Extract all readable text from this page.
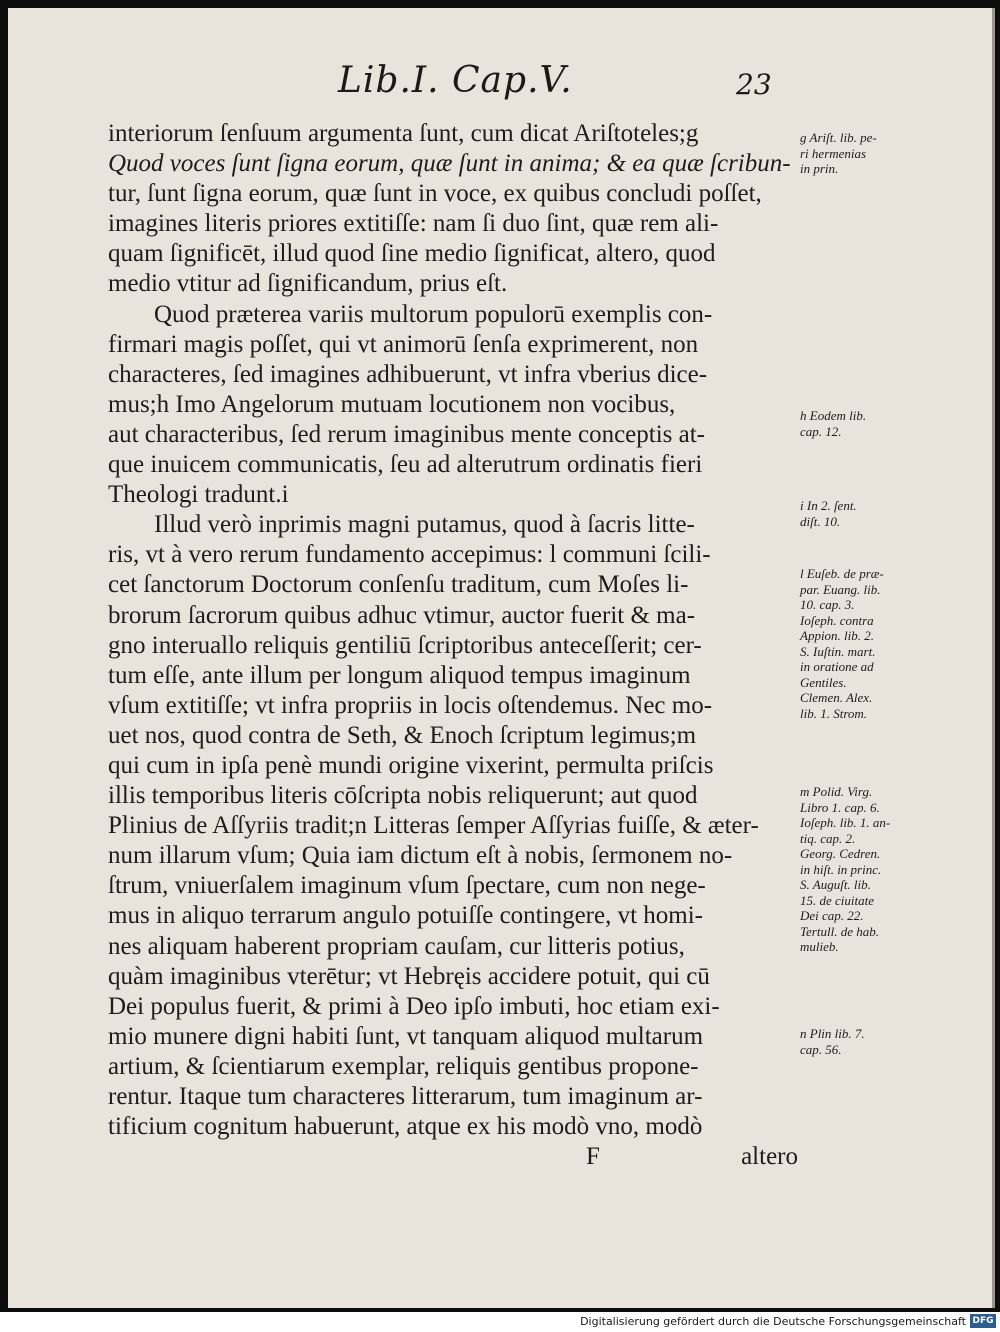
Lib.I. Cap.V.	23
interiorum ſenſuum argumenta ſunt, cum dicat Ariſtoteles;g
Quod voces ſunt ſigna eorum, quæ ſunt in anima; & ea quæ ſcribun-
tur, ſunt ſigna eorum, quæ ſunt in voce, ex quibus concludi poſſet,
imagines literis priores extitiſſe: nam ſi duo ſint, quæ rem ali-
quam ſignificēt, illud quod ſine medio ſignificat, altero, quod
medio vtitur ad ſignificandum, prius eſt.
Quod præterea variis multorum populorū exemplis con-
firmari magis poſſet, qui vt animorū ſenſa exprimerent, non
characteres, ſed imagines adhibuerunt, vt infra vberius dice-
mus;h Imo Angelorum mutuam locutionem non vocibus,
aut characteribus, ſed rerum imaginibus mente conceptis at-
que inuicem communicatis, ſeu ad alterutrum ordinatis fieri
Theologi tradunt.i
Illud verò inprimis magni putamus, quod à ſacris litte-
ris, vt à vero rerum fundamento accepimus: l communi ſcili-
cet ſanctorum Doctorum conſenſu traditum, cum Moſes li-
brorum ſacrorum quibus adhuc vtimur, auctor fuerit & ma-
gno interuallo reliquis gentiliū ſcriptoribus anteceſſerit; cer-
tum eſſe, ante illum per longum aliquod tempus imaginum
vſum extitiſſe; vt infra propriis in locis oſtendemus. Nec mo-
uet nos, quod contra de Seth, & Enoch ſcriptum legimus;m
qui cum in ipſa penè mundi origine vixerint, permulta priſcis
illis temporibus literis cōſcripta nobis reliquerunt; aut quod
Plinius de Aſſyriis tradit;n Litteras ſemper Aſſyrias fuiſſe, & æter-
num illarum vſum; Quia iam dictum eſt à nobis, ſermonem no-
ſtrum, vniuerſalem imaginum vſum ſpectare, cum non nege-
mus in aliquo terrarum angulo potuiſſe contingere, vt homi-
nes aliquam haberent propriam cauſam, cur litteris potius,
quàm imaginibus vterētur; vt Hebręis accidere potuit, qui cū
Dei populus fuerit, & primi à Deo ipſo imbuti, hoc etiam exi-
mio munere digni habiti ſunt, vt tanquam aliquod multarum
artium, & ſcientiarum exemplar, reliquis gentibus propone-
rentur. Itaque tum characteres litterarum, tum imaginum ar-
tificium cognitum habuerunt, atque ex his modò vno, modò
F	altero
g Ariſt. lib. pe-
ri hermenias
in prin.
h Eodem lib.
cap. 12.
i In 2. ſent.
diſt. 10.
l Euſeb. de præ-
par. Euang. lib.
10. cap. 3.
Ioſeph. contra
Appion. lib. 2.
S. Iuſtin. mart.
in oratione ad
Gentiles.
Clemen. Alex.
lib. 1. Strom.
m Polid. Virg.
Libro 1. cap. 6.
Ioſeph. lib. 1. an-
tiq. cap. 2.
Georg. Cedren.
in hiſt. in princ.
S. Auguſt. lib.
15. de ciuitate
Dei cap. 22.
Tertull. de hab.
mulieb.
n Plin lib. 7.
cap. 56.
Digitalisierung gefördert durch die Deutsche Forschungsgemeinschaft DFG
